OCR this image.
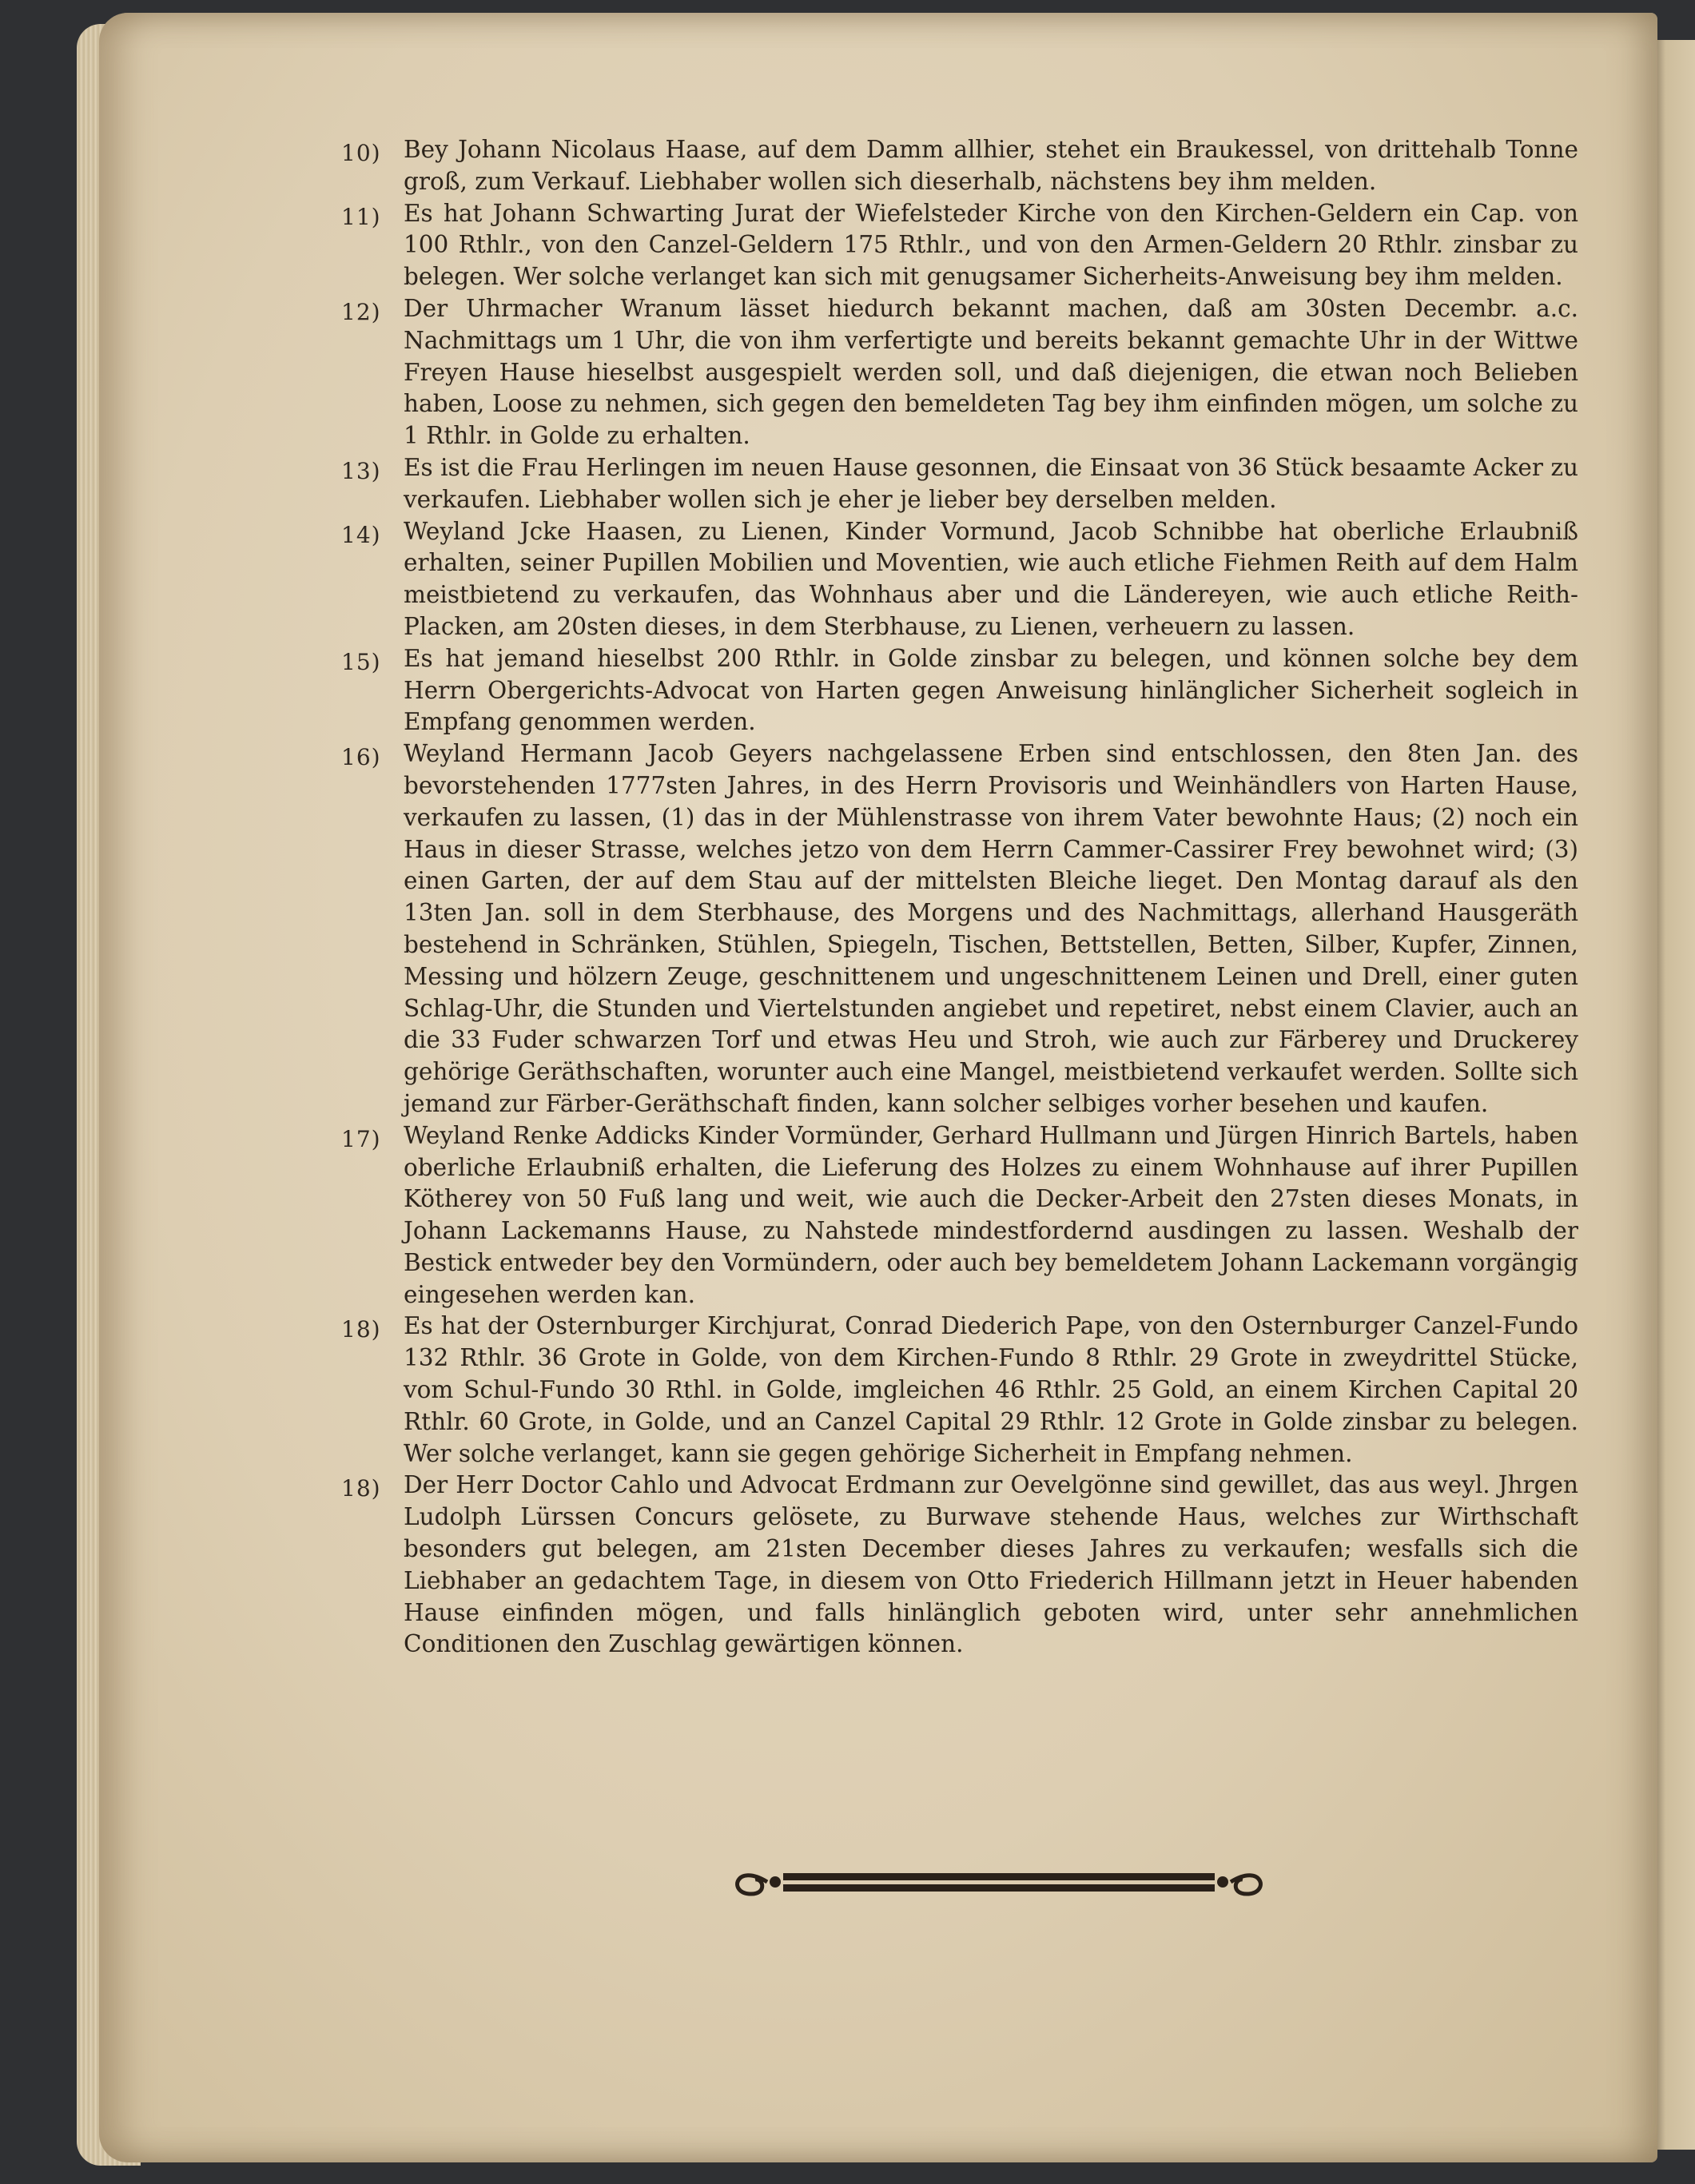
10) Bey Johann Nicolaus Haase, auf dem Damm allhier, stehet ein Braukessel, von drittehalb Tonne groß, zum Verkauf. Liebhaber wollen sich dieserhalb, nächstens bey ihm melden.

11) Es hat Johann Schwarting Jurat der Wiefelsteder Kirche von den Kirchen-Geldern ein Cap. von 100 Rthlr., von den Canzel-Geldern 175 Rthlr., und von den Armen-Geldern 20 Rthlr. zinsbar zu belegen. Wer solche verlanget kan sich mit genugsamer Sicherheits-Anweisung bey ihm melden.

12) Der Uhrmacher Wranum lässet hiedurch bekannt machen, daß am 30sten Decembr. a.c. Nachmittags um 1 Uhr, die von ihm verfertigte und bereits bekannt gemachte Uhr in der Wittwe Freyen Hause hieselbst ausgespielt werden soll, und daß diejenigen, die etwan noch Belieben haben, Loose zu nehmen, sich gegen den bemeldeten Tag bey ihm einfinden mögen, um solche zu 1 Rthlr. in Golde zu erhalten.

13) Es ist die Frau Herlingen im neuen Hause gesonnen, die Einsaat von 36 Stück besaamte Acker zu verkaufen. Liebhaber wollen sich je eher je lieber bey derselben melden.

14) Weyland Jcke Haasen, zu Lienen, Kinder Vormund, Jacob Schnibbe hat oberliche Erlaubniß erhalten, seiner Pupillen Mobilien und Moventien, wie auch etliche Fiehmen Reith auf dem Halm meistbietend zu verkaufen, das Wohnhaus aber und die Ländereyen, wie auch etliche Reith-Placken, am 20sten dieses, in dem Sterbhause, zu Lienen, verheuern zu lassen.

15) Es hat jemand hieselbst 200 Rthlr. in Golde zinsbar zu belegen, und können solche bey dem Herrn Obergerichts-Advocat von Harten gegen Anweisung hinlänglicher Sicherheit sogleich in Empfang genommen werden.

16) Weyland Hermann Jacob Geyers nachgelassene Erben sind entschlossen, den 8ten Jan. des bevorstehenden 1777sten Jahres, in des Herrn Provisoris und Weinhändlers von Harten Hause, verkaufen zu lassen, (1) das in der Mühlenstrasse von ihrem Vater bewohnte Haus; (2) noch ein Haus in dieser Strasse, welches jetzo von dem Herrn Cammer-Cassirer Frey bewohnet wird; (3) einen Garten, der auf dem Stau auf der mittelsten Bleiche lieget. Den Montag darauf als den 13ten Jan. soll in dem Sterbhause, des Morgens und des Nachmittags, allerhand Hausgeräth bestehend in Schränken, Stühlen, Spiegeln, Tischen, Bettstellen, Betten, Silber, Kupfer, Zinnen, Messing und hölzern Zeuge, geschnittenem und ungeschnittenem Leinen und Drell, einer guten Schlag-Uhr, die Stunden und Viertelstunden angiebet und repetiret, nebst einem Clavier, auch an die 33 Fuder schwarzen Torf und etwas Heu und Stroh, wie auch zur Färberey und Druckerey gehörige Geräthschaften, worunter auch eine Mangel, meistbietend verkaufet werden. Sollte sich jemand zur Färber-Geräthschaft finden, kann solcher selbiges vorher besehen und kaufen.

17) Weyland Renke Addicks Kinder Vormünder, Gerhard Hullmann und Jürgen Hinrich Bartels, haben oberliche Erlaubniß erhalten, die Lieferung des Holzes zu einem Wohnhause auf ihrer Pupillen Kötherey von 50 Fuß lang und weit, wie auch die Decker-Arbeit den 27sten dieses Monats, in Johann Lackemanns Hause, zu Nahstede mindestfordernd ausdingen zu lassen. Weshalb der Bestick entweder bey den Vormündern, oder auch bey bemeldetem Johann Lackemann vorgängig eingesehen werden kan.

18) Es hat der Osternburger Kirchjurat, Conrad Diederich Pape, von den Osternburger Canzel-Fundo 132 Rthlr. 36 Grote in Golde, von dem Kirchen-Fundo 8 Rthlr. 29 Grote in zweydrittel Stücke, vom Schul-Fundo 30 Rthl. in Golde, imgleichen 46 Rthlr. 25 Gold, an einem Kirchen Capital 20 Rthlr. 60 Grote, in Golde, und an Canzel Capital 29 Rthlr. 12 Grote in Golde zinsbar zu belegen. Wer solche verlanget, kann sie gegen gehörige Sicherheit in Empfang nehmen.

18) Der Herr Doctor Cahlo und Advocat Erdmann zur Oevelgönne sind gewillet, das aus weyl. Jhrgen Ludolph Lürssen Concurs gelösete, zu Burwave stehende Haus, welches zur Wirthschaft besonders gut belegen, am 21sten December dieses Jahres zu verkaufen; wesfalls sich die Liebhaber an gedachtem Tage, in diesem von Otto Friederich Hillmann jetzt in Heuer habenden Hause einfinden mögen, und falls hinlänglich geboten wird, unter sehr annehmlichen Conditionen den Zuschlag gewärtigen können.
